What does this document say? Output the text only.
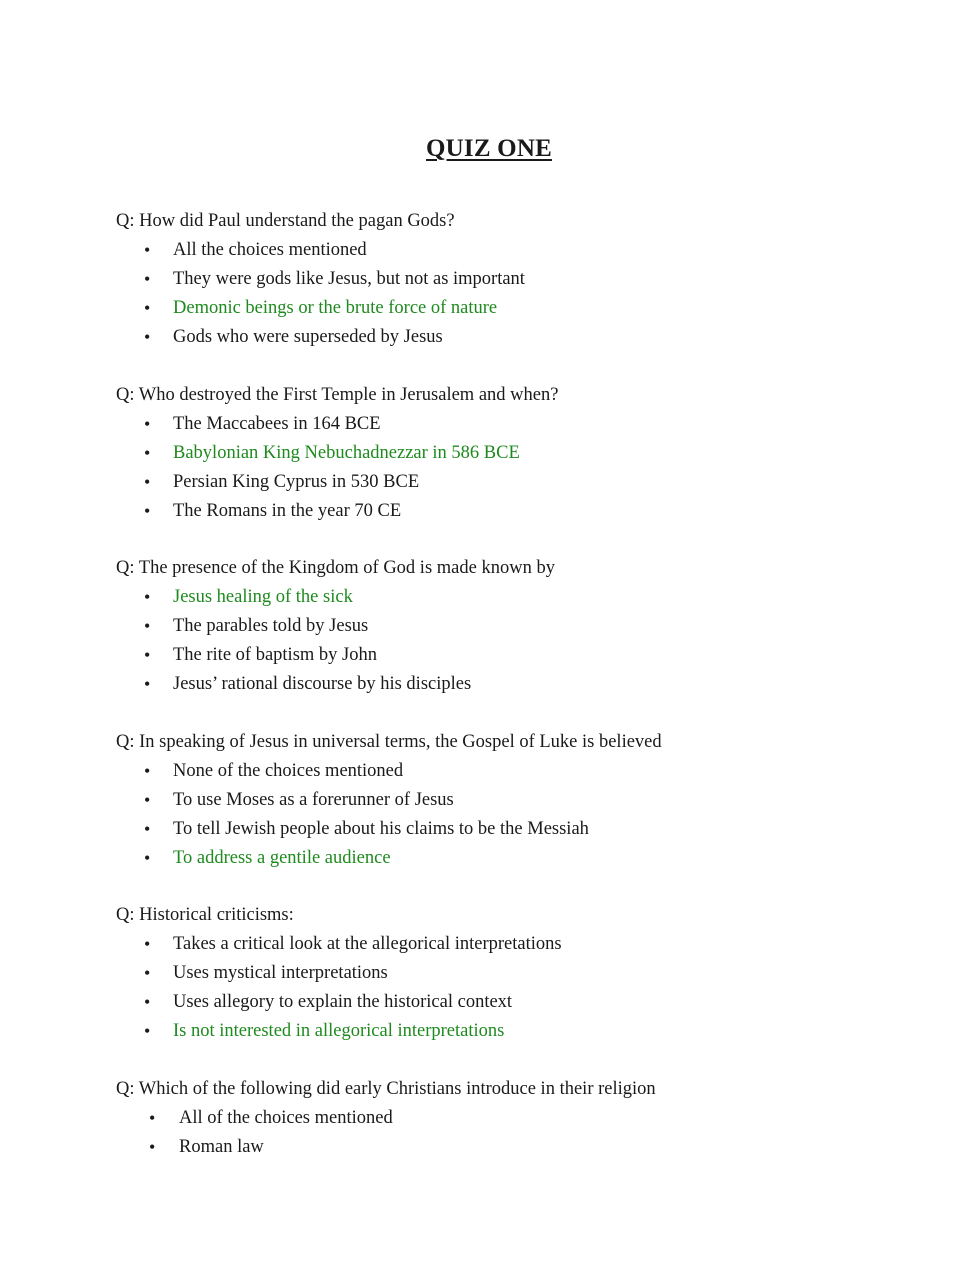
QUIZ ONE
Q: How did Paul understand the pagan Gods?
• All the choices mentioned
• They were gods like Jesus, but not as important
• Demonic beings or the brute force of nature
• Gods who were superseded by Jesus
Q: Who destroyed the First Temple in Jerusalem and when?
• The Maccabees in 164 BCE
• Babylonian King Nebuchadnezzar in 586 BCE
• Persian King Cyprus in 530 BCE
• The Romans in the year 70 CE
Q: The presence of the Kingdom of God is made known by
• Jesus healing of the sick
• The parables told by Jesus
• The rite of baptism by John
• Jesus’ rational discourse by his disciples
Q: In speaking of Jesus in universal terms, the Gospel of Luke is believed
• None of the choices mentioned
• To use Moses as a forerunner of Jesus
• To tell Jewish people about his claims to be the Messiah
• To address a gentile audience
Q: Historical criticisms:
• Takes a critical look at the allegorical interpretations
• Uses mystical interpretations
• Uses allegory to explain the historical context
• Is not interested in allegorical interpretations
Q: Which of the following did early Christians introduce in their religion
• All of the choices mentioned
• Roman law
